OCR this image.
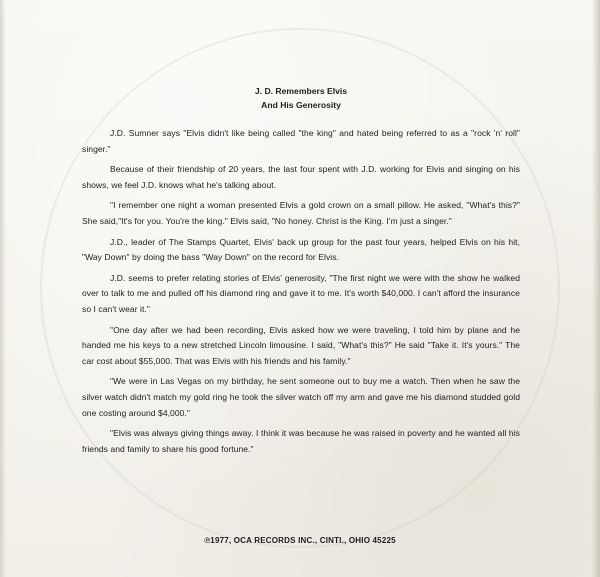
J. D. Remembers Elvis

And His Generosity

J.D. Sumner says "Elvis didn't like being called "the king" and hated being referred to as a "rock 'n' roll" singer."

Because of their friendship of 20 years, the last four spent with J.D. working for Elvis and singing on his shows, we feel J.D. knows what he's talking about.

"I remember one night a woman presented Elvis a gold crown on a small pillow. He asked, "What's this?" She said,"It's for you. You're the king." Elvis said, "No honey. Christ is the King. I'm just a singer."

J.D., leader of The Stamps Quartet, Elvis' back up group for the past four years, helped Elvis on his hit, "Way Down" by doing the bass "Way Down" on the record for Elvis.

J.D. seems to prefer relating stories of Elvis' generosity, "The first night we were with the show he walked over to talk to me and pulled off his diamond ring and gave it to me. It's worth $40,000. I can't afford the insurance so I can't wear it."

"One day after we had been recording, Elvis asked how we were traveling, I told him by plane and he handed me his keys to a new stretched Lincoln limousine. I said, "What's this?" He said "Take it. It's yours." The car cost about $55,000. That was Elvis with his friends and his family."

"We were in Las Vegas on my birthday, he sent someone out to buy me a watch. Then when he saw the silver watch didn't match my gold ring he took the silver watch off my arm and gave me his diamond studded gold one costing around $4,000."

"Elvis was always giving things away. I think it was because he was raised in poverty and he wanted all his friends and family to share his good fortune."

℗1977, OCA RECORDS INC., CINTI., OHIO 45225
